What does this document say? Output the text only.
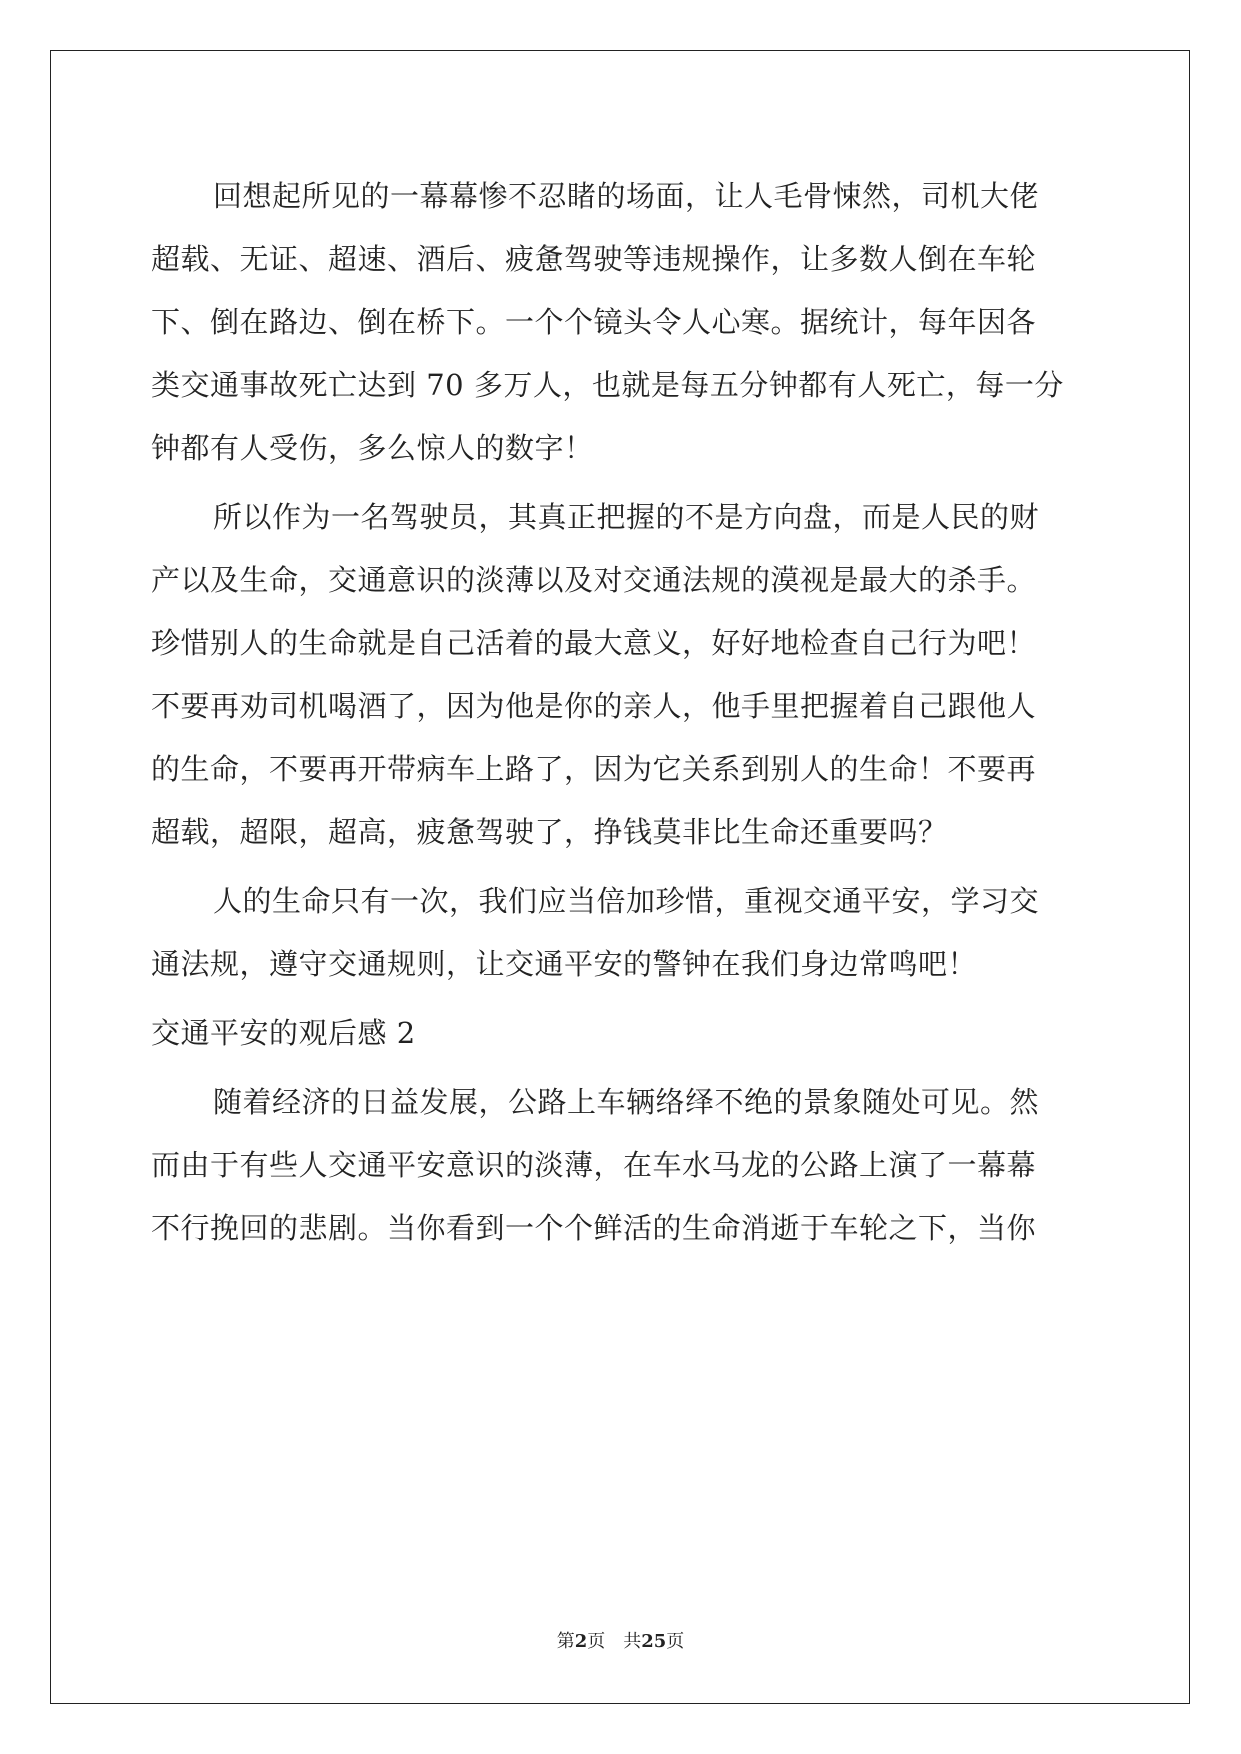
回想起所见的一幕幕惨不忍睹的场面，让人毛骨悚然，司机大佬
超载、无证、超速、酒后、疲惫驾驶等违规操作，让多数人倒在车轮
下、倒在路边、倒在桥下。一个个镜头令人心寒。据统计，每年因各
类交通事故死亡达到 70 多万人，也就是每五分钟都有人死亡，每一分
钟都有人受伤，多么惊人的数字！
所以作为一名驾驶员，其真正把握的不是方向盘，而是人民的财
产以及生命，交通意识的淡薄以及对交通法规的漠视是最大的杀手。
珍惜别人的生命就是自己活着的最大意义，好好地检查自己行为吧！
不要再劝司机喝酒了，因为他是你的亲人，他手里把握着自己跟他人
的生命，不要再开带病车上路了，因为它关系到别人的生命！不要再
超载，超限，超高，疲惫驾驶了，挣钱莫非比生命还重要吗？
人的生命只有一次，我们应当倍加珍惜，重视交通平安，学习交
通法规，遵守交通规则，让交通平安的警钟在我们身边常鸣吧！
交通平安的观后感 2
随着经济的日益发展，公路上车辆络绎不绝的景象随处可见。然
而由于有些人交通平安意识的淡薄，在车水马龙的公路上演了一幕幕
不行挽回的悲剧。当你看到一个个鲜活的生命消逝于车轮之下，当你
第2页　共25页
